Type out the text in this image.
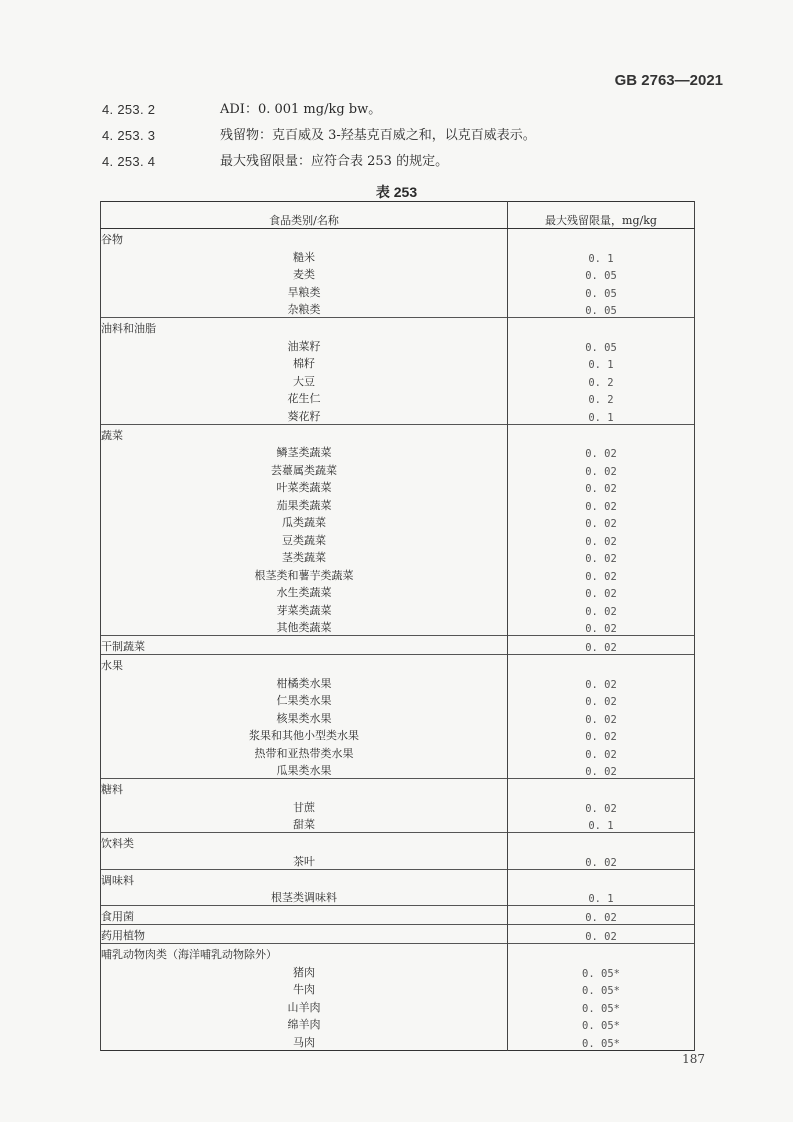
GB 2763—2021
4. 253. 2	ADI：0. 001 mg/kg bw。
4. 253. 3	残留物：克百威及 3-羟基克百威之和，以克百威表示。
4. 253. 4	最大残留限量：应符合表 253 的规定。
表 253
食品类别/名称	最大残留限量，mg/kg
谷物	
糙米	0. 1
麦类	0. 05
旱粮类	0. 05
杂粮类	0. 05
油料和油脂	
油菜籽	0. 05
棉籽	0. 1
大豆	0. 2
花生仁	0. 2
葵花籽	0. 1
蔬菜	
鳞茎类蔬菜	0. 02
芸薹属类蔬菜	0. 02
叶菜类蔬菜	0. 02
茄果类蔬菜	0. 02
瓜类蔬菜	0. 02
豆类蔬菜	0. 02
茎类蔬菜	0. 02
根茎类和薯芋类蔬菜	0. 02
水生类蔬菜	0. 02
芽菜类蔬菜	0. 02
其他类蔬菜	0. 02
干制蔬菜	0. 02
水果	
柑橘类水果	0. 02
仁果类水果	0. 02
核果类水果	0. 02
浆果和其他小型类水果	0. 02
热带和亚热带类水果	0. 02
瓜果类水果	0. 02
糖料	
甘蔗	0. 02
甜菜	0. 1
饮料类	
茶叶	0. 02
调味料	
根茎类调味料	0. 1
食用菌	0. 02
药用植物	0. 02
哺乳动物肉类（海洋哺乳动物除外）	
猪肉	0. 05*
牛肉	0. 05*
山羊肉	0. 05*
绵羊肉	0. 05*
马肉	0. 05*
187
